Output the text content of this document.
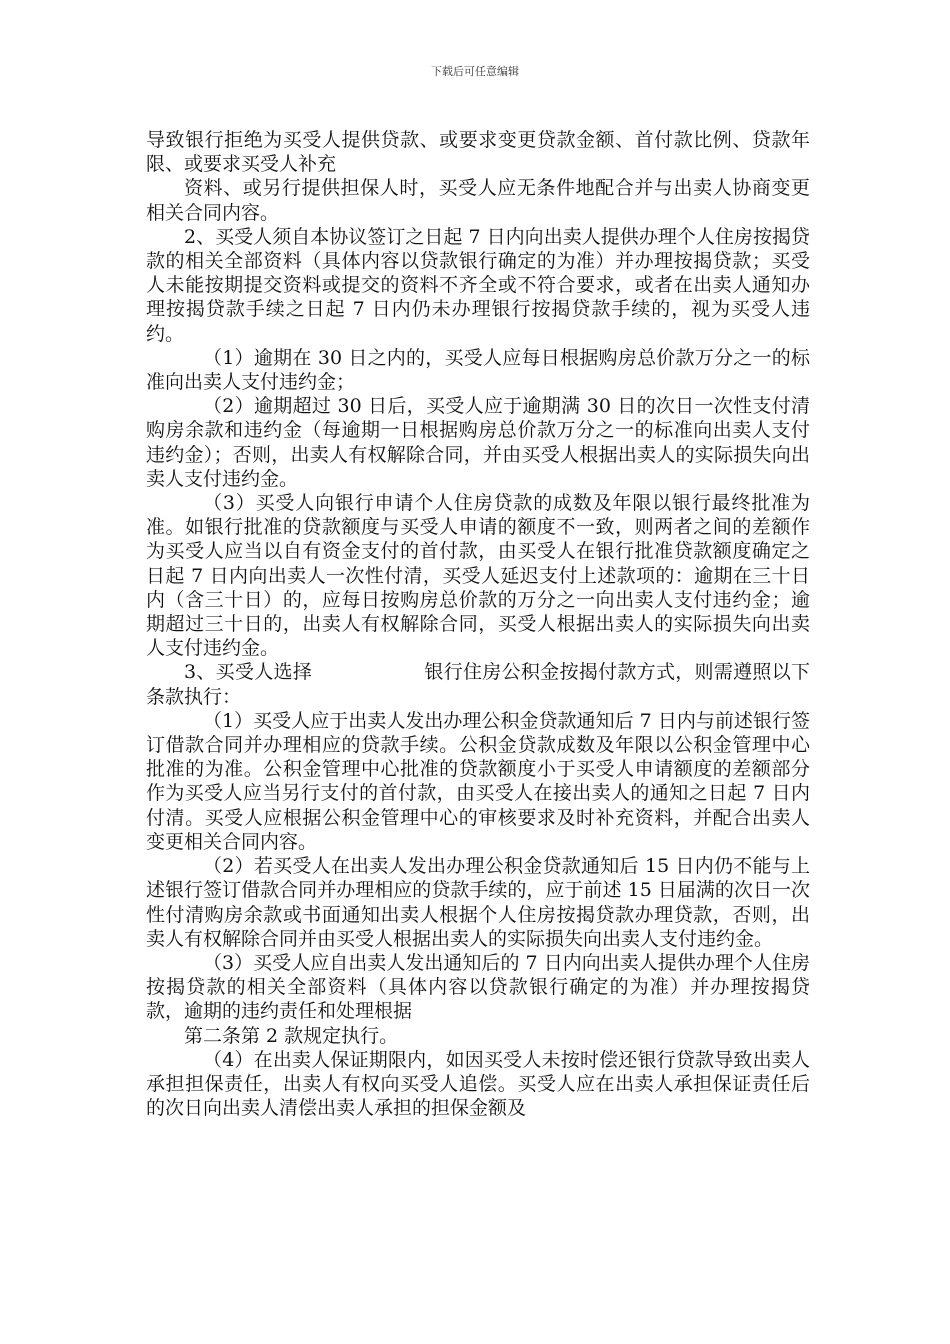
下载后可任意编辑

导致银行拒绝为买受人提供贷款、或要求变更贷款金额、首付款比例、贷款年限、或要求买受人补充

资料、或另行提供担保人时，买受人应无条件地配合并与出卖人协商变更相关合同内容。

2、买受人须自本协议签订之日起 7 日内向出卖人提供办理个人住房按揭贷款的相关全部资料（具体内容以贷款银行确定的为准）并办理按揭贷款；买受人未能按期提交资料或提交的资料不齐全或不符合要求，或者在出卖人通知办理按揭贷款手续之日起 7 日内仍未办理银行按揭贷款手续的，视为买受人违约。

（1）逾期在 30 日之内的，买受人应每日根据购房总价款万分之一的标准向出卖人支付违约金；

（2）逾期超过 30 日后，买受人应于逾期满 30 日的次日一次性支付清购房余款和违约金（每逾期一日根据购房总价款万分之一的标准向出卖人支付违约金）；否则，出卖人有权解除合同，并由买受人根据出卖人的实际损失向出卖人支付违约金。

（3）买受人向银行申请个人住房贷款的成数及年限以银行最终批准为准。如银行批准的贷款额度与买受人申请的额度不一致，则两者之间的差额作为买受人应当以自有资金支付的首付款，由买受人在银行批准贷款额度确定之日起 7 日内向出卖人一次性付清，买受人延迟支付上述款项的：逾期在三十日内（含三十日）的，应每日按购房总价款的万分之一向出卖人支付违约金；逾期超过三十日的，出卖人有权解除合同，买受人根据出卖人的实际损失向出卖人支付违约金。

3、买受人选择	银行住房公积金按揭付款方式，则需遵照以下条款执行：

（1）买受人应于出卖人发出办理公积金贷款通知后 7 日内与前述银行签订借款合同并办理相应的贷款手续。公积金贷款成数及年限以公积金管理中心批准的为准。公积金管理中心批准的贷款额度小于买受人申请额度的差额部分作为买受人应当另行支付的首付款，由买受人在接出卖人的通知之日起 7 日内付清。买受人应根据公积金管理中心的审核要求及时补充资料，并配合出卖人变更相关合同内容。

（2）若买受人在出卖人发出办理公积金贷款通知后 15 日内仍不能与上述银行签订借款合同并办理相应的贷款手续的，应于前述 15 日届满的次日一次性付清购房余款或书面通知出卖人根据个人住房按揭贷款办理贷款，否则，出卖人有权解除合同并由买受人根据出卖人的实际损失向出卖人支付违约金。

（3）买受人应自出卖人发出通知后的 7 日内向出卖人提供办理个人住房按揭贷款的相关全部资料（具体内容以贷款银行确定的为准）并办理按揭贷款，逾期的违约责任和处理根据

第二条第 2 款规定执行。

（4）在出卖人保证期限内，如因买受人未按时偿还银行贷款导致出卖人承担担保责任，出卖人有权向买受人追偿。买受人应在出卖人承担保证责任后的次日向出卖人清偿出卖人承担的担保金额及
